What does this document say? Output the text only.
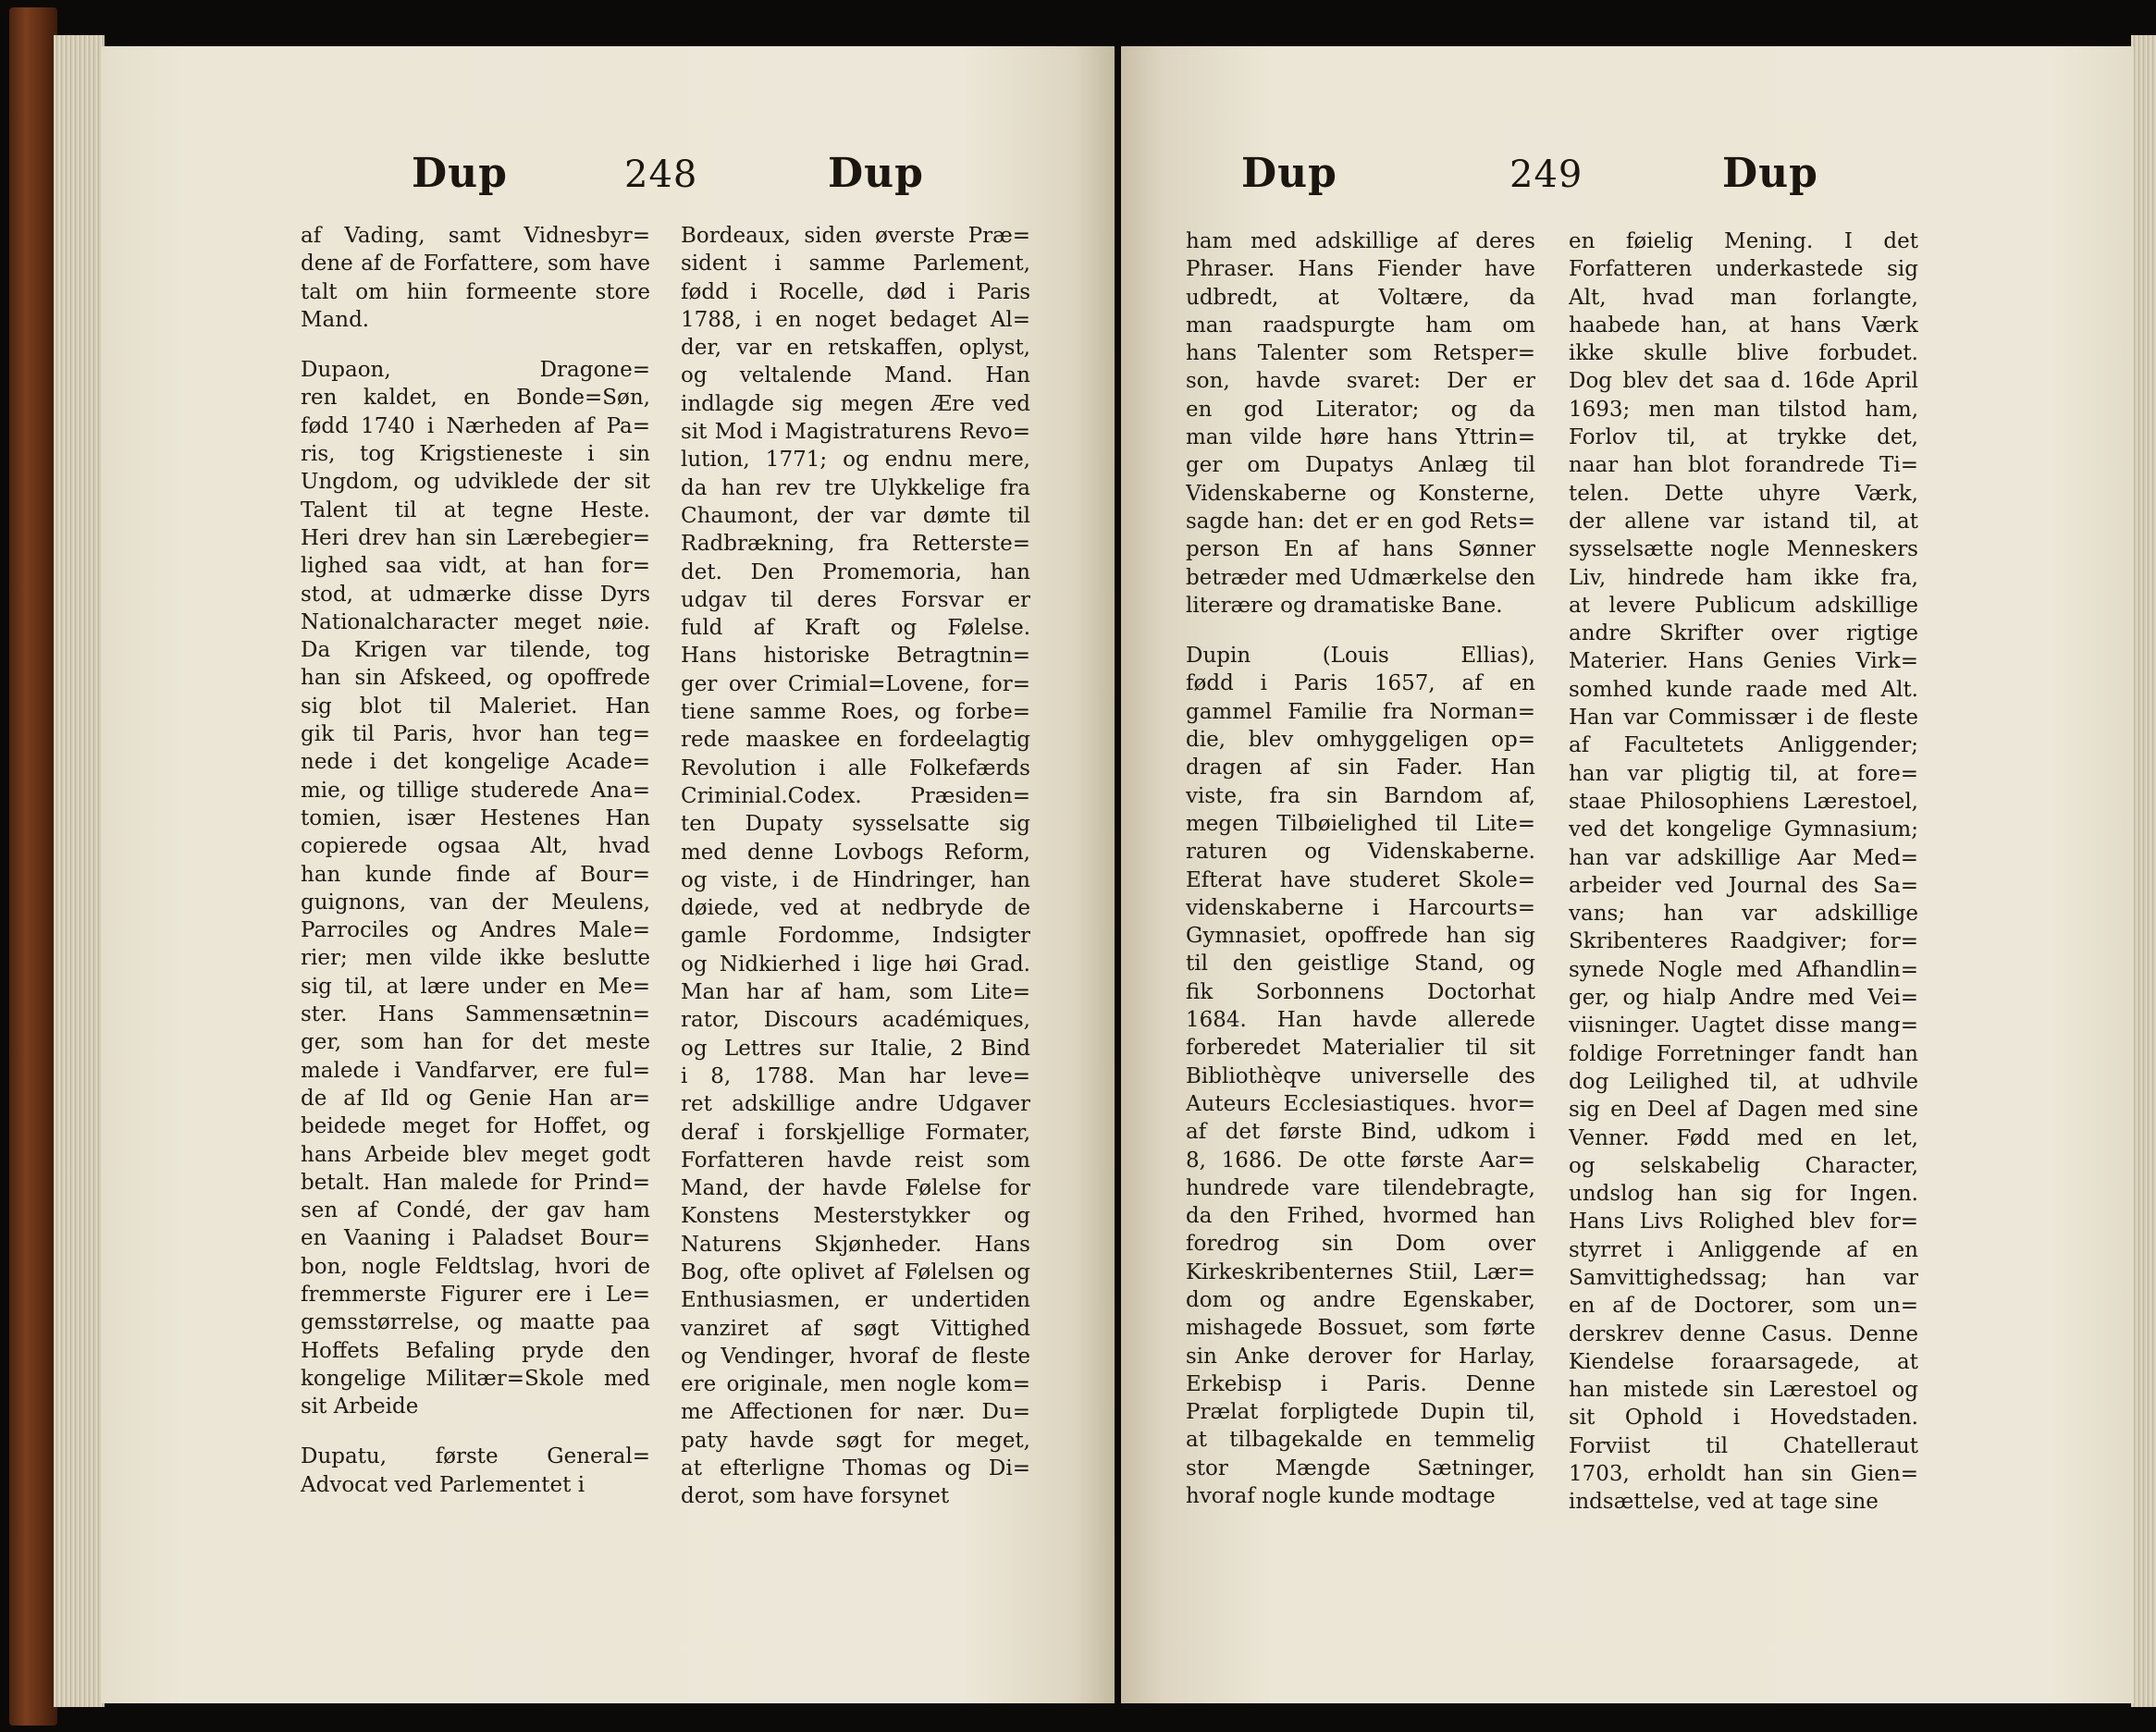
Dup	248	Dup
af Vading, samt Vidnesbyr=
dene af de Forfattere, som have
talt om hiin formeente store
Mand.
Dupaon, Dragone=
ren kaldet, en Bonde=Søn,
fødd 1740 i Nærheden af Pa=
ris, tog Krigstieneste i sin
Ungdom, og udviklede der sit
Talent til at tegne Heste.
Heri drev han sin Lærebegier=
lighed saa vidt, at han for=
stod, at udmærke disse Dyrs
Nationalcharacter meget nøie.
Da Krigen var tilende, tog
han sin Afskeed, og opoffrede
sig blot til Maleriet. Han
gik til Paris, hvor han teg=
nede i det kongelige Acade=
mie, og tillige studerede Ana=
tomien, især Hestenes Han
copierede ogsaa Alt, hvad
han kunde finde af Bour=
guignons, van der Meulens,
Parrociles og Andres Male=
rier; men vilde ikke beslutte
sig til, at lære under en Me=
ster. Hans Sammensætnin=
ger, som han for det meste
malede i Vandfarver, ere ful=
de af Ild og Genie Han ar=
beidede meget for Hoffet, og
hans Arbeide blev meget godt
betalt. Han malede for Prind=
sen af Condé, der gav ham
en Vaaning i Paladset Bour=
bon, nogle Feldtslag, hvori de
fremmerste Figurer ere i Le=
gemsstørrelse, og maatte paa
Hoffets Befaling pryde den
kongelige Militær=Skole med
sit Arbeide
Dupatu, første General=
Advocat ved Parlementet i
Bordeaux, siden øverste Præ=
sident i samme Parlement,
fødd i Rocelle, død i Paris
1788, i en noget bedaget Al=
der, var en retskaffen, oplyst,
og veltalende Mand. Han
indlagde sig megen Ære ved
sit Mod i Magistraturens Revo=
lution, 1771; og endnu mere,
da han rev tre Ulykkelige fra
Chaumont, der var dømte til
Radbrækning, fra Retterste=
det. Den Promemoria, han
udgav til deres Forsvar er
fuld af Kraft og Følelse.
Hans historiske Betragtnin=
ger over Crimial=Lovene, for=
tiene samme Roes, og forbe=
rede maaskee en fordeelagtig
Revolution i alle Folkefærds
Criminial.Codex. Præsiden=
ten Dupaty sysselsatte sig
med denne Lovbogs Reform,
og viste, i de Hindringer, han
døiede, ved at nedbryde de
gamle Fordomme, Indsigter
og Nidkierhed i lige høi Grad.
Man har af ham, som Lite=
rator, Discours académiques,
og Lettres sur Italie, 2 Bind
i 8, 1788. Man har leve=
ret adskillige andre Udgaver
deraf i forskjellige Formater,
Forfatteren havde reist som
Mand, der havde Følelse for
Konstens Mesterstykker og
Naturens Skjønheder. Hans
Bog, ofte oplivet af Følelsen og
Enthusiasmen, er undertiden
vanziret af søgt Vittighed
og Vendinger, hvoraf de fleste
ere originale, men nogle kom=
me Affectionen for nær. Du=
paty havde søgt for meget,
at efterligne Thomas og Di=
derot, som have forsynet
Dup	249	Dup
ham med adskillige af deres
Phraser. Hans Fiender have
udbredt, at Voltære, da
man raadspurgte ham om
hans Talenter som Retsper=
son, havde svaret: Der er
en god Literator; og da
man vilde høre hans Yttrin=
ger om Dupatys Anlæg til
Videnskaberne og Konsterne,
sagde han: det er en god Rets=
person En af hans Sønner
betræder med Udmærkelse den
literære og dramatiske Bane.
Dupin (Louis Ellias),
fødd i Paris 1657, af en
gammel Familie fra Norman=
die, blev omhyggeligen op=
dragen af sin Fader. Han
viste, fra sin Barndom af,
megen Tilbøielighed til Lite=
raturen og Videnskaberne.
Efterat have studeret Skole=
videnskaberne i Harcourts=
Gymnasiet, opoffrede han sig
til den geistlige Stand, og
fik Sorbonnens Doctorhat
1684. Han havde allerede
forberedet Materialier til sit
Bibliothèqve universelle des
Auteurs Ecclesiastiques. hvor=
af det første Bind, udkom i
8, 1686. De otte første Aar=
hundrede vare tilendebragte,
da den Frihed, hvormed han
foredrog sin Dom over
Kirkeskribenternes Stiil, Lær=
dom og andre Egenskaber,
mishagede Bossuet, som førte
sin Anke derover for Harlay,
Erkebisp i Paris. Denne
Prælat forpligtede Dupin til,
at tilbagekalde en temmelig
stor Mængde Sætninger,
hvoraf nogle kunde modtage
en føielig Mening. I det
Forfatteren underkastede sig
Alt, hvad man forlangte,
haabede han, at hans Værk
ikke skulle blive forbudet.
Dog blev det saa d. 16de April
1693; men man tilstod ham,
Forlov til, at trykke det,
naar han blot forandrede Ti=
telen. Dette uhyre Værk,
der allene var istand til, at
sysselsætte nogle Menneskers
Liv, hindrede ham ikke fra,
at levere Publicum adskillige
andre Skrifter over rigtige
Materier. Hans Genies Virk=
somhed kunde raade med Alt.
Han var Commissær i de fleste
af Facultetets Anliggender;
han var pligtig til, at fore=
staae Philosophiens Lærestoel,
ved det kongelige Gymnasium;
han var adskillige Aar Med=
arbeider ved Journal des Sa=
vans; han var adskillige
Skribenteres Raadgiver; for=
synede Nogle med Afhandlin=
ger, og hialp Andre med Vei=
viisninger. Uagtet disse mang=
foldige Forretninger fandt han
dog Leilighed til, at udhvile
sig en Deel af Dagen med sine
Venner. Fødd med en let,
og selskabelig Character,
undslog han sig for Ingen.
Hans Livs Rolighed blev for=
styrret i Anliggende af en
Samvittighedssag; han var
en af de Doctorer, som un=
derskrev denne Casus. Denne
Kiendelse foraarsagede, at
han mistede sin Lærestoel og
sit Ophold i Hovedstaden.
Forviist til Chatelleraut
1703, erholdt han sin Gien=
indsættelse, ved at tage sine
